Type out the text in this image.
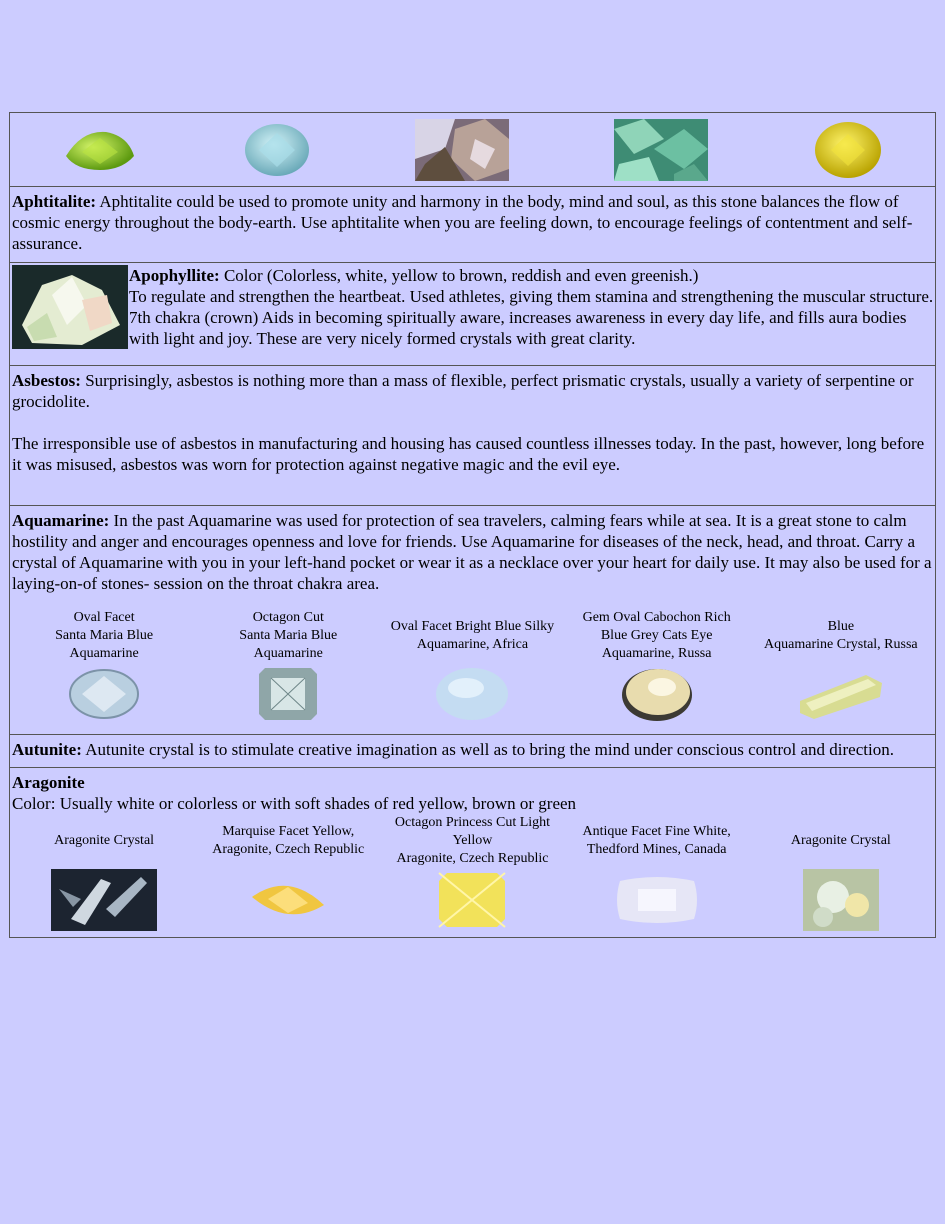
Aphtitalite: Aphtitalite could be used to promote unity and harmony in the body, mind and soul, as this stone balances the flow of cosmic energy throughout the body-earth. Use aphtitalite when you are feeling down, to encourage feelings of contentment and self-assurance.
Apophyllite: Color (Colorless, white, yellow to brown, reddish and even greenish.)
To regulate and strengthen the heartbeat. Used athletes, giving them stamina and strengthening the muscular structure. 7th chakra (crown) Aids in becoming spiritually aware, increases awareness in every day life, and fills aura bodies with light and joy. These are very nicely formed crystals with great clarity.
Asbestos: Surprisingly, asbestos is nothing more than a mass of flexible, perfect prismatic crystals, usually a variety of serpentine or grocidolite.
The irresponsible use of asbestos in manufacturing and housing has caused countless illnesses today. In the past, however, long before it was misused, asbestos was worn for protection against negative magic and the evil eye.
Aquamarine: In the past Aquamarine was used for protection of sea travelers, calming fears while at sea. It is a great stone to calm hostility and anger and encourages openness and love for friends. Use Aquamarine for diseases of the neck, head, and throat. Carry a crystal of Aquamarine with you in your left-hand pocket or wear it as a necklace over your heart for daily use. It may also be used for a laying-on-of stones- session on the throat chakra area.
Oval Facet
Santa Maria Blue
Aquamarine
Octagon Cut
Santa Maria Blue
Aquamarine
Oval Facet Bright Blue Silky
Aquamarine, Africa
Gem Oval Cabochon Rich
Blue Grey Cats Eye
Aquamarine, Russa
Blue
Aquamarine Crystal, Russa
Autunite: Autunite crystal is to stimulate creative imagination as well as to bring the mind under conscious control and direction.
Aragonite
Color: Usually white or colorless or with soft shades of red yellow, brown or green
Aragonite Crystal
Marquise Facet Yellow,
Aragonite, Czech Republic
Octagon Princess Cut Light
Yellow
Aragonite, Czech Republic
Antique Facet Fine White,
Thedford Mines, Canada
Aragonite Crystal
